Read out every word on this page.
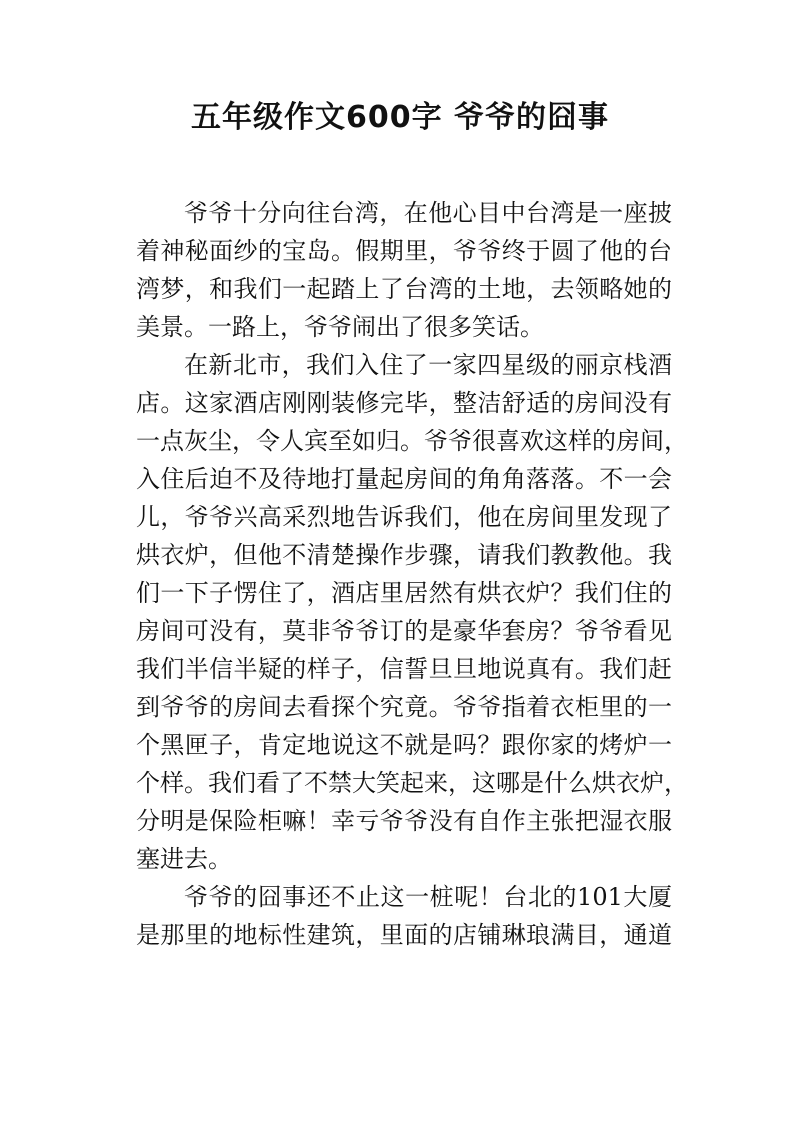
五年级作文600字 爷爷的囧事
爷爷十分向往台湾，在他心目中台湾是一座披
着神秘面纱的宝岛。假期里，爷爷终于圆了他的台
湾梦，和我们一起踏上了台湾的土地，去领略她的
美景。一路上，爷爷闹出了很多笑话。
在新北市，我们入住了一家四星级的丽京栈酒
店。这家酒店刚刚装修完毕，整洁舒适的房间没有
一点灰尘，令人宾至如归。爷爷很喜欢这样的房间，
入住后迫不及待地打量起房间的角角落落。不一会
儿，爷爷兴高采烈地告诉我们，他在房间里发现了
烘衣炉，但他不清楚操作步骤，请我们教教他。我
们一下子愣住了，酒店里居然有烘衣炉？我们住的
房间可没有，莫非爷爷订的是豪华套房？爷爷看见
我们半信半疑的样子，信誓旦旦地说真有。我们赶
到爷爷的房间去看探个究竟。爷爷指着衣柜里的一
个黑匣子，肯定地说这不就是吗？跟你家的烤炉一
个样。我们看了不禁大笑起来，这哪是什么烘衣炉，
分明是保险柜嘛！幸亏爷爷没有自作主张把湿衣服
塞进去。
爷爷的囧事还不止这一桩呢！台北的101大厦
是那里的地标性建筑，里面的店铺琳琅满目，通道
